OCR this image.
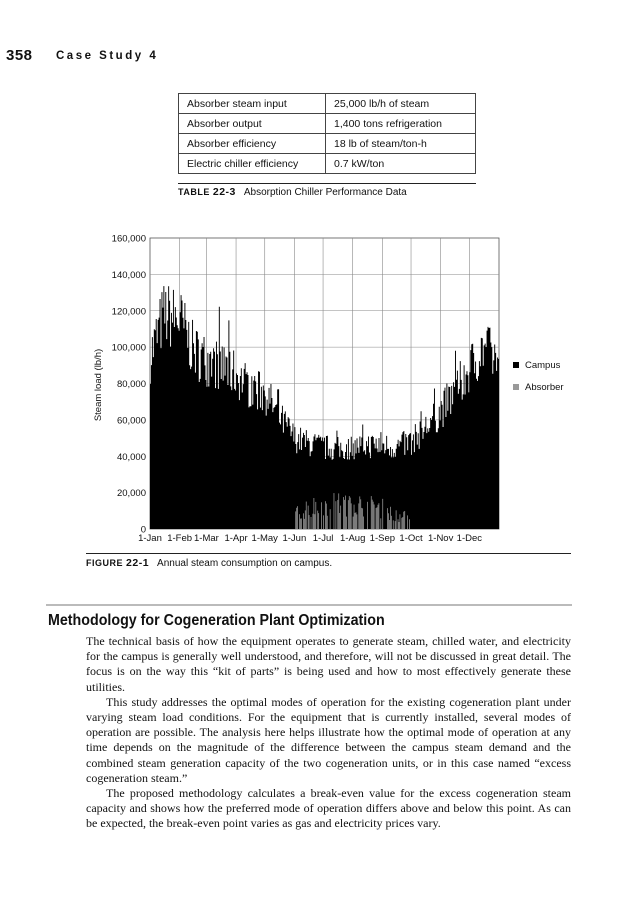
358 Case Study 4
Absorber steam input	25,000 lb/h of steam
Absorber output	1,400 tons refrigeration
Absorber efficiency	18 lb of steam/ton-h
Electric chiller efficiency	0.7 kW/ton
TABLE 22-3 Absorption Chiller Performance Data
0
20,000
40,000
60,000
80,000
100,000
120,000
140,000
160,000
1-Jan 1-Feb 1-Mar 1-Apr 1-May 1-Jun 1-Jul 1-Aug 1-Sep 1-Oct 1-Nov 1-Dec
Steam load (lb/h)	Campus
Absorber
FIGURE 22-1 Annual steam consumption on campus.
Methodology for Cogeneration Plant Optimization

The technical basis of how the equipment operates to generate steam, chilled water, and electricity for the campus is generally well understood, and therefore, will not be discussed in great detail. The focus is on the way this “kit of parts” is being used and how to most effectively generate these utilities.

This study addresses the optimal modes of operation for the existing cogeneration plant under varying steam load conditions. For the equipment that is currently installed, several modes of operation are possible. The analysis here helps illustrate how the optimal mode of operation at any time depends on the magnitude of the difference between the campus steam demand and the combined steam generation capacity of the two cogeneration units, or in this case named “excess cogeneration steam.”

The proposed methodology calculates a break-even value for the excess cogeneration steam capacity and shows how the preferred mode of operation differs above and below this point. As can be expected, the break-even point varies as gas and electricity prices vary.
